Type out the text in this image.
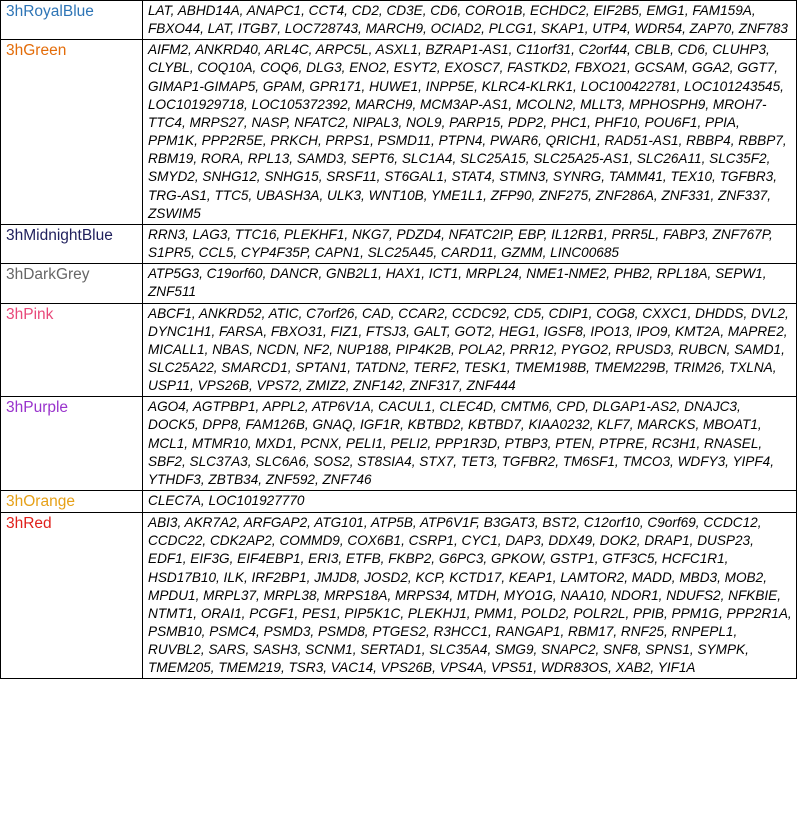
3hRoyalBlue	LAT, ABHD14A, ANAPC1, CCT4, CD2, CD3E, CD6, CORO1B, ECHDC2, EIF2B5, EMG1, FAM159A, FBXO44, LAT, ITGB7, LOC728743, MARCH9, OCIAD2, PLCG1, SKAP1, UTP4, WDR54, ZAP70, ZNF783
3hGreen	AIFM2, ANKRD40, ARL4C, ARPC5L, ASXL1, BZRAP1-AS1, C11orf31, C2orf44, CBLB, CD6, CLUHP3, CLYBL, COQ10A, COQ6, DLG3, ENO2, ESYT2, EXOSC7, FASTKD2, FBXO21, GCSAM, GGA2, GGT7, GIMAP1-GIMAP5, GPAM, GPR171, HUWE1, INPP5E, KLRC4-KLRK1, LOC100422781, LOC101243545, LOC101929718, LOC105372392, MARCH9, MCM3AP-AS1, MCOLN2, MLLT3, MPHOSPH9, MROH7-TTC4, MRPS27, NASP, NFATC2, NIPAL3, NOL9, PARP15, PDP2, PHC1, PHF10, POU6F1, PPIA, PPM1K, PPP2R5E, PRKCH, PRPS1, PSMD11, PTPN4, PWAR6, QRICH1, RAD51-AS1, RBBP4, RBBP7, RBM19, RORA, RPL13, SAMD3, SEPT6, SLC1A4, SLC25A15, SLC25A25-AS1, SLC26A11, SLC35F2, SMYD2, SNHG12, SNHG15, SRSF11, ST6GAL1, STAT4, STMN3, SYNRG, TAMM41, TEX10, TGFBR3, TRG-AS1, TTC5, UBASH3A, ULK3, WNT10B, YME1L1, ZFP90, ZNF275, ZNF286A, ZNF331, ZNF337, ZSWIM5
3hMidnightBlue	RRN3, LAG3, TTC16, PLEKHF1, NKG7, PDZD4, NFATC2IP, EBP, IL12RB1, PRR5L, FABP3, ZNF767P, S1PR5, CCL5, CYP4F35P, CAPN1, SLC25A45, CARD11, GZMM, LINC00685
3hDarkGrey	ATP5G3, C19orf60, DANCR, GNB2L1, HAX1, ICT1, MRPL24, NME1-NME2, PHB2, RPL18A, SEPW1, ZNF511
3hPink	ABCF1, ANKRD52, ATIC, C7orf26, CAD, CCAR2, CCDC92, CD5, CDIP1, COG8, CXXC1, DHDDS, DVL2, DYNC1H1, FARSA, FBXO31, FIZ1, FTSJ3, GALT, GOT2, HEG1, IGSF8, IPO13, IPO9, KMT2A, MAPRE2, MICALL1, NBAS, NCDN, NF2, NUP188, PIP4K2B, POLA2, PRR12, PYGO2, RPUSD3, RUBCN, SAMD1, SLC25A22, SMARCD1, SPTAN1, TATDN2, TERF2, TESK1, TMEM198B, TMEM229B, TRIM26, TXLNA, USP11, VPS26B, VPS72, ZMIZ2, ZNF142, ZNF317, ZNF444
3hPurple	AGO4, AGTPBP1, APPL2, ATP6V1A, CACUL1, CLEC4D, CMTM6, CPD, DLGAP1-AS2, DNAJC3, DOCK5, DPP8, FAM126B, GNAQ, IGF1R, KBTBD2, KBTBD7, KIAA0232, KLF7, MARCKS, MBOAT1, MCL1, MTMR10, MXD1, PCNX, PELI1, PELI2, PPP1R3D, PTBP3, PTEN, PTPRE, RC3H1, RNASEL, SBF2, SLC37A3, SLC6A6, SOS2, ST8SIA4, STX7, TET3, TGFBR2, TM6SF1, TMCO3, WDFY3, YIPF4, YTHDF3, ZBTB34, ZNF592, ZNF746
3hOrange	CLEC7A, LOC101927770
3hRed	ABI3, AKR7A2, ARFGAP2, ATG101, ATP5B, ATP6V1F, B3GAT3, BST2, C12orf10, C9orf69, CCDC12, CCDC22, CDK2AP2, COMMD9, COX6B1, CSRP1, CYC1, DAP3, DDX49, DOK2, DRAP1, DUSP23, EDF1, EIF3G, EIF4EBP1, ERI3, ETFB, FKBP2, G6PC3, GPKOW, GSTP1, GTF3C5, HCFC1R1, HSD17B10, ILK, IRF2BP1, JMJD8, JOSD2, KCP, KCTD17, KEAP1, LAMTOR2, MADD, MBD3, MOB2, MPDU1, MRPL37, MRPL38, MRPS18A, MRPS34, MTDH, MYO1G, NAA10, NDOR1, NDUFS2, NFKBIE, NTMT1, ORAI1, PCGF1, PES1, PIP5K1C, PLEKHJ1, PMM1, POLD2, POLR2L, PPIB, PPM1G, PPP2R1A, PSMB10, PSMC4, PSMD3, PSMD8, PTGES2, R3HCC1, RANGAP1, RBM17, RNF25, RNPEPL1, RUVBL2, SARS, SASH3, SCNM1, SERTAD1, SLC35A4, SMG9, SNAPC2, SNF8, SPNS1, SYMPK, TMEM205, TMEM219, TSR3, VAC14, VPS26B, VPS4A, VPS51, WDR83OS, XAB2, YIF1A
